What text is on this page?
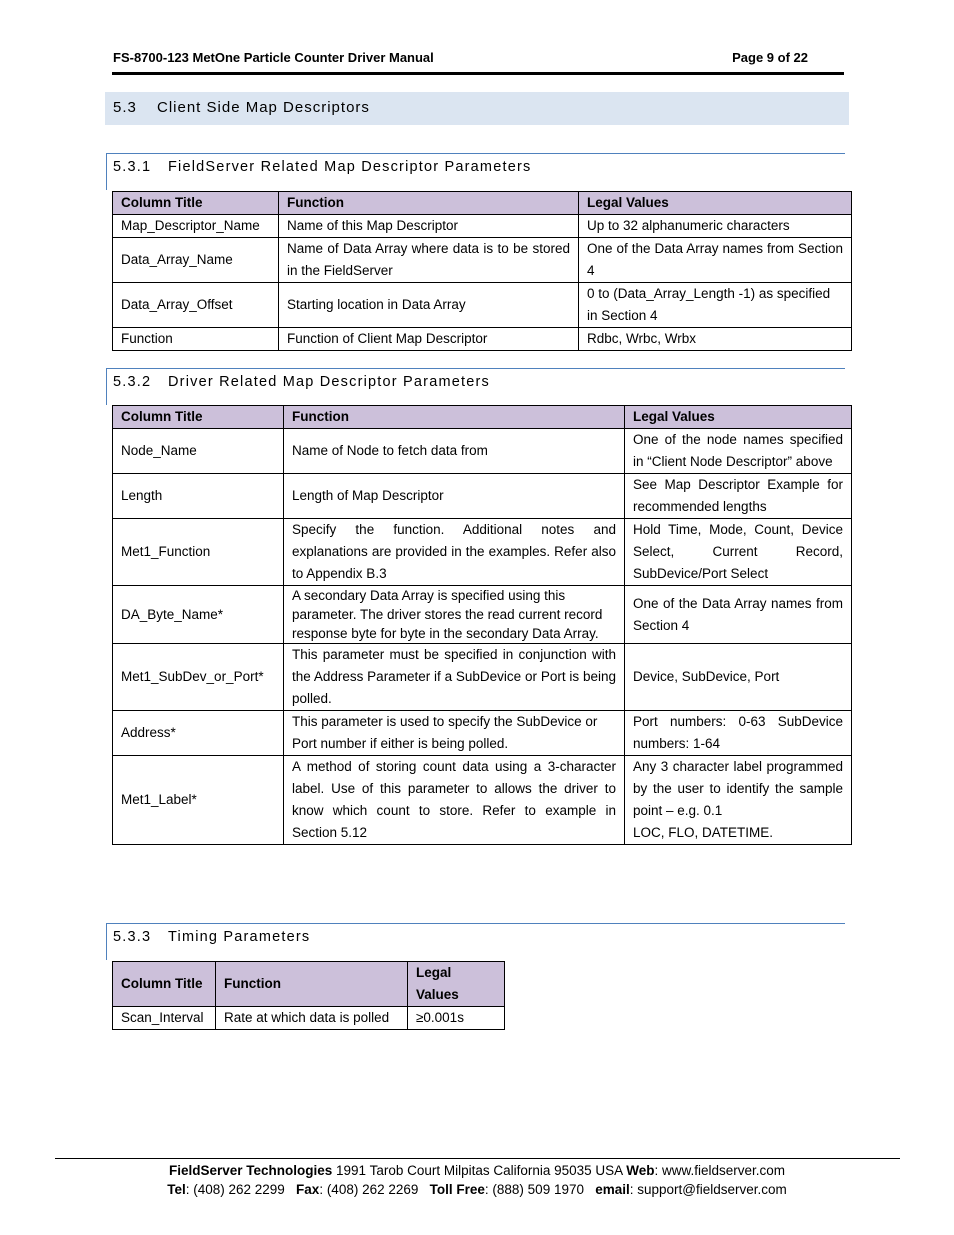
FS-8700-123 MetOne Particle Counter Driver Manual	Page 9 of 22
5.3 Client Side Map Descriptors
5.3.1 FieldServer Related Map Descriptor Parameters
Column Title	Function	Legal Values
Map_Descriptor_Name	Name of this Map Descriptor	Up to 32 alphanumeric characters
Data_Array_Name	Name of Data Array where data is to be stored in the FieldServer	One of the Data Array names from Section 4
Data_Array_Offset	Starting location in Data Array	0 to (Data_Array_Length -1) as specified in Section 4
Function	Function of Client Map Descriptor	Rdbc, Wrbc, Wrbx
5.3.2 Driver Related Map Descriptor Parameters
Column Title	Function	Legal Values
Node_Name	Name of Node to fetch data from	One of the node names specified in “Client Node Descriptor” above
Length	Length of Map Descriptor	See Map Descriptor Example for recommended lengths
Met1_Function	Specify the function. Additional notes and explanations are provided in the examples. Refer also to Appendix B.3	Hold Time, Mode, Count, Device Select, Current Record, SubDevice/Port Select
DA_Byte_Name*	A secondary Data Array is specified using this parameter. The driver stores the read current record response byte for byte in the secondary Data Array.	One of the Data Array names from Section 4
Met1_SubDev_or_Port*	This parameter must be specified in conjunction with the Address Parameter if a SubDevice or Port is being polled.	Device, SubDevice, Port
Address*	This parameter is used to specify the SubDevice or Port number if either is being polled.	Port numbers: 0-63 SubDevice numbers: 1-64
Met1_Label*	A method of storing count data using a 3-character label. Use of this parameter to allows the driver to know which count to store. Refer to example in Section 5.12	Any 3 character label programmed by the user to identify the sample point – e.g. 0.1
LOC, FLO, DATETIME.
5.3.3 Timing Parameters
Column Title	Function	Legal Values
Scan_Interval	Rate at which data is polled	≥0.001s
FieldServer Technologies 1991 Tarob Court Milpitas California 95035 USA Web: www.fieldserver.com
Tel: (408) 262 2299   Fax: (408) 262 2269   Toll Free: (888) 509 1970   email: support@fieldserver.com
